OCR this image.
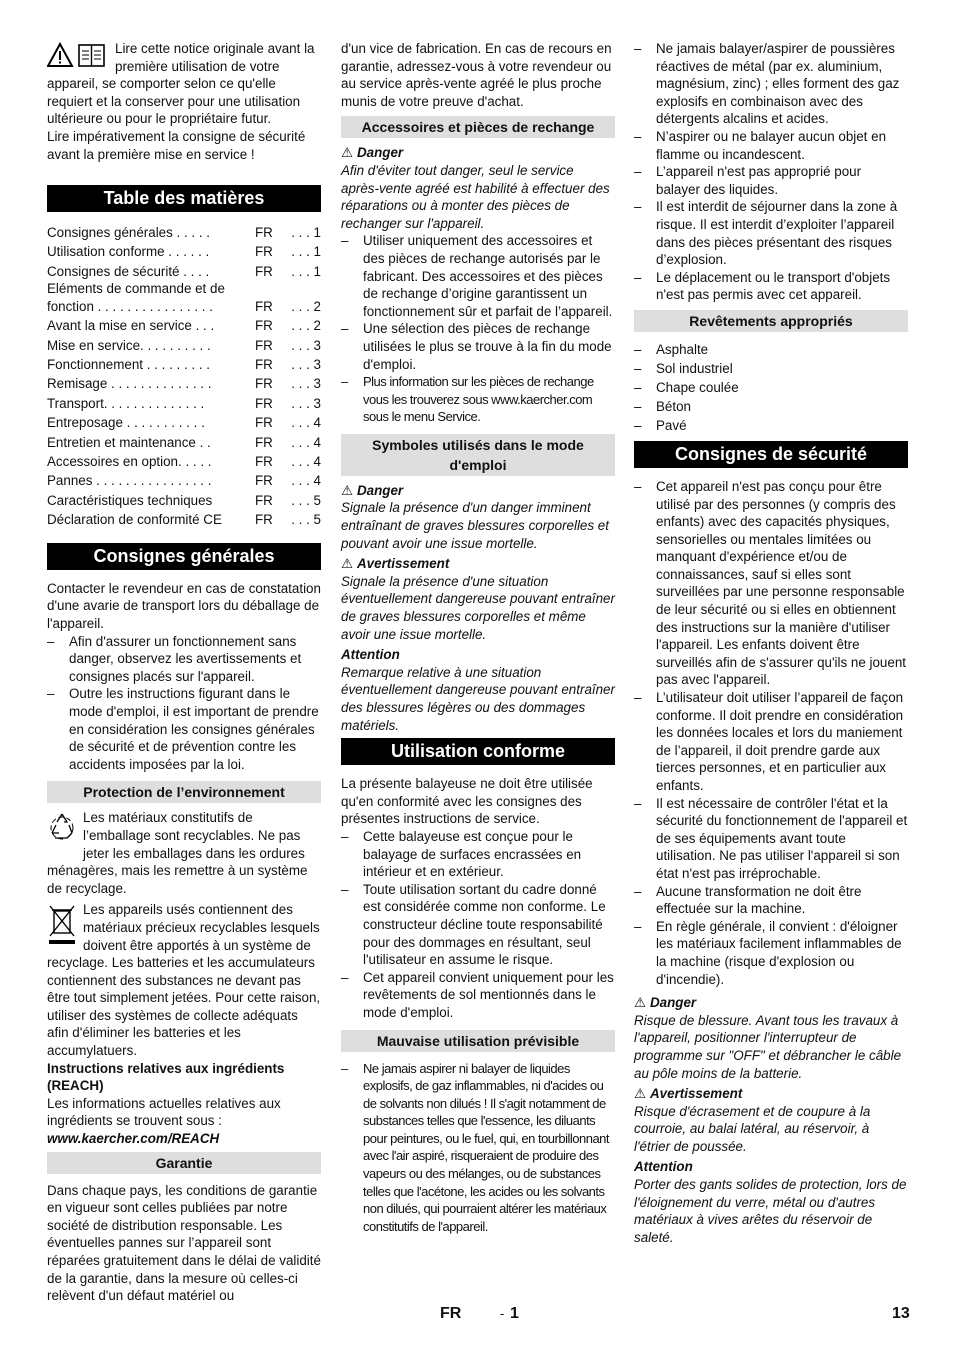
Lire cette notice originale avant la première utilisation de votre appareil, se comporter selon ce qu'elle requiert et la conserver pour une utilisation ultérieure ou pour le propriétaire futur.

Lire impérativement la consigne de sécurité avant la première mise en service !

Table des matières
Consignes générales . . . . .	FR	. . . 1
Utilisation conforme . . . . . .	FR	. . . 1
Consignes de sécurité . . . .	FR	. . . 1
Eléments de commande et de fonction . . . . . . . . . . . . . . . .	FR	. . . 2
Avant la mise en service . . .	FR	. . . 2
Mise en service. . . . . . . . . .	FR	. . . 3
Fonctionnement . . . . . . . . .	FR	. . . 3
Remisage . . . . . . . . . . . . . .	FR	. . . 3
Transport. . . . . . . . . . . . . .	FR	. . . 3
Entreposage . . . . . . . . . . .	FR	. . . 4
Entretien et maintenance . .	FR	. . . 4
Accessoires en option. . . . .	FR	. . . 4
Pannes . . . . . . . . . . . . . . . .	FR	. . . 4
Caractéristiques techniques	FR	. . . 5
Déclaration de conformité CE	FR	. . . 5
Consignes générales

Contacter le revendeur en cas de constatation d'une avarie de transport lors du déballage de l'appareil.

– Afin d'assurer un fonctionnement sans danger, observez les avertissements et consignes placés sur l'appareil.

– Outre les instructions figurant dans le mode d'emploi, il est important de prendre en considération les consignes générales de sécurité et de prévention contre les accidents imposées par la loi.

Protection de l’environnement

Les matériaux constitutifs de l’emballage sont recyclables. Ne pas jeter les emballages dans les ordures ménagères, mais les remettre à un système de recyclage.

Les appareils usés contiennent des matériaux précieux recyclables lesquels doivent être apportés à un système de recyclage. Les batteries et les accumulateurs contiennent des substances ne devant pas être tout simplement jetées. Pour cette raison, utiliser des systèmes de collecte adéquats afin d'éliminer les batteries et les accumylatuers.

Instructions relatives aux ingrédients (REACH)

Les informations actuelles relatives aux ingrédients se trouvent sous :

www.kaercher.com/REACH

Garantie

Dans chaque pays, les conditions de garantie en vigueur sont celles publiées par notre société de distribution responsable. Les éventuelles pannes sur l’appareil sont réparées gratuitement dans le délai de validité de la garantie, dans la mesure où celles-ci relèvent d'un défaut matériel ou

d'un vice de fabrication. En cas de recours en garantie, adressez-vous à votre revendeur ou au service après-vente agréé le plus proche munis de votre preuve d'achat.

Accessoires et pièces de rechange

⚠ Danger

Afin d'éviter tout danger, seul le service après-vente agréé est habilité à effectuer des réparations ou à monter des pièces de rechanger sur l'appareil.

– Utiliser uniquement des accessoires et des pièces de rechange autorisés par le fabricant. Des accessoires et des pièces de rechange d’origine garantissent un fonctionnement sûr et parfait de l’appareil.

– Une sélection des pièces de rechange utilisées le plus se trouve à la fin du mode d'emploi.

– Plus information sur les pièces de rechange vous les trouverez sous www.kaercher.com sous le menu Service.

Symboles utilisés dans le mode d'emploi

⚠ Danger

Signale la présence d'un danger imminent entraînant de graves blessures corporelles et pouvant avoir une issue mortelle.

⚠ Avertissement

Signale la présence d'une situation éventuellement dangereuse pouvant entraîner de graves blessures corporelles et même avoir une issue mortelle.

Attention

Remarque relative à une situation éventuellement dangereuse pouvant entraîner des blessures légères ou des dommages matériels.

Utilisation conforme

La présente balayeuse ne doit être utilisée qu'en conformité avec les consignes des présentes instructions de service.

– Cette balayeuse est conçue pour le balayage de surfaces encrassées en intérieur et en extérieur.

– Toute utilisation sortant du cadre donné est considérée comme non conforme. Le constructeur décline toute responsabilité pour des dommages en résultant, seul l'utilisateur en assume le risque.

– Cet appareil convient uniquement pour les revêtements de sol mentionnés dans le mode d'emploi.

Mauvaise utilisation prévisible

– Ne jamais aspirer ni balayer de liquides explosifs, de gaz inflammables, ni d'acides ou de solvants non dilués ! Il s'agit notamment de substances telles que l'essence, les diluants pour peintures, ou le fuel, qui, en tourbillonnant avec l'air aspiré, risqueraient de produire des vapeurs ou des mélanges, ou de substances telles que l'acétone, les acides ou les solvants non dilués, qui pourraient altérer les matériaux constitutifs de l'appareil.

– Ne jamais balayer/aspirer de poussières réactives de métal (par ex. aluminium, magnésium, zinc) ; elles forment des gaz explosifs en combinaison avec des détergents alcalins et acides.

– N’aspirer ou ne balayer aucun objet en flamme ou incandescent.

– L’appareil n'est pas approprié pour balayer des liquides.

– Il est interdit de séjourner dans la zone à risque. Il est interdit d’exploiter l’appareil dans des pièces présentant des risques d’explosion.

– Le déplacement ou le transport d'objets n'est pas permis avec cet appareil.

Revêtements appropriés

– Asphalte

– Sol industriel

– Chape coulée

– Béton

– Pavé

Consignes de sécurité

– Cet appareil n'est pas conçu pour être utilisé par des personnes (y compris des enfants) avec des capacités physiques, sensorielles ou mentales limitées ou manquant d'expérience et/ou de connaissances, sauf si elles sont surveillées par une personne responsable de leur sécurité ou si elles en obtiennent des instructions sur la manière d'utiliser l'appareil. Les enfants doivent être surveillés afin de s'assurer qu'ils ne jouent pas avec l'appareil.

– L’utilisateur doit utiliser l’appareil de façon conforme. Il doit prendre en considération les données locales et lors du maniement de l’appareil, il doit prendre garde aux tierces personnes, et en particulier aux enfants.

– Il est nécessaire de contrôler l'état et la sécurité du fonctionnement de l'appareil et de ses équipements avant toute utilisation. Ne pas utiliser l'appareil si son état n'est pas irréprochable.

– Aucune transformation ne doit être effectuée sur la machine.

– En règle générale, il convient : d'éloigner les matériaux facilement inflammables de la machine (risque d'explosion ou d'incendie).

⚠ Danger

Risque de blessure. Avant tous les travaux à l'appareil, positionner l'interrupteur de programme sur "OFF" et débrancher le câble au pôle moins de la batterie.

⚠ Avertissement

Risque d'écrasement et de coupure à la courroie, au balai latéral, au réservoir, à l'étrier de poussée.

Attention

Porter des gants solides de protection, lors de l'éloignement du verre, métal ou d'autres matériaux à vives arêtes du réservoir de saleté.

FR	- 1	13
